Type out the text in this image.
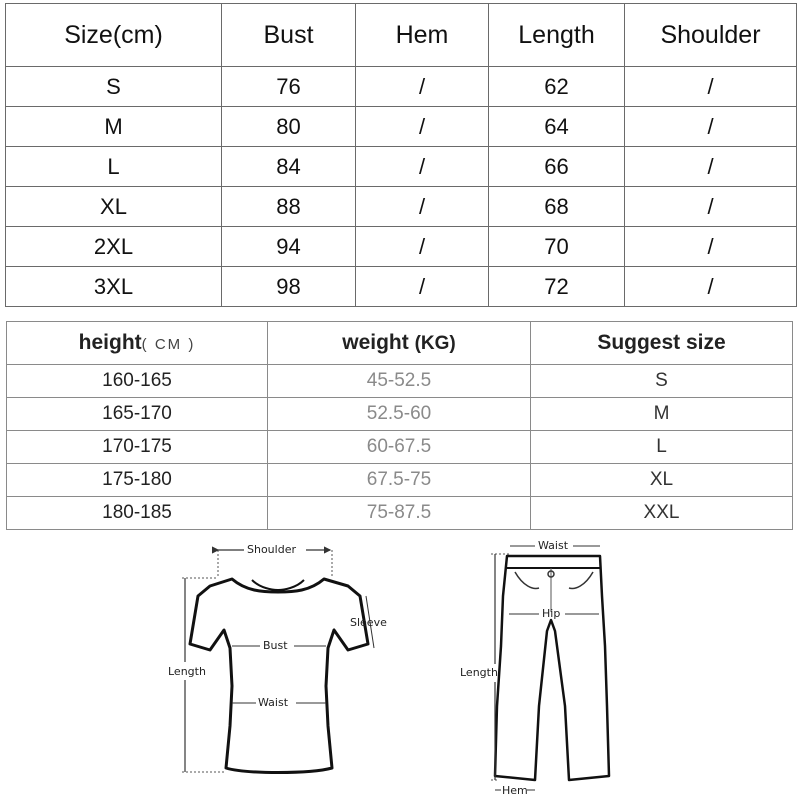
Size(cm)	Bust	Hem	Length	Shoulder
S	76	/	62	/
M	80	/	64	/
L	84	/	66	/
XL	88	/	68	/
2XL	94	/	70	/
3XL	98	/	72	/
height( CM )	weight (KG)	Suggest size
160-165	45-52.5	S
165-170	52.5-60	M
170-175	60-67.5	L
175-180	67.5-75	XL
180-185	75-87.5	XXL
Shoulder
Sleeve
Bust
Waist
Length
Waist
Hip
Length
Hem
